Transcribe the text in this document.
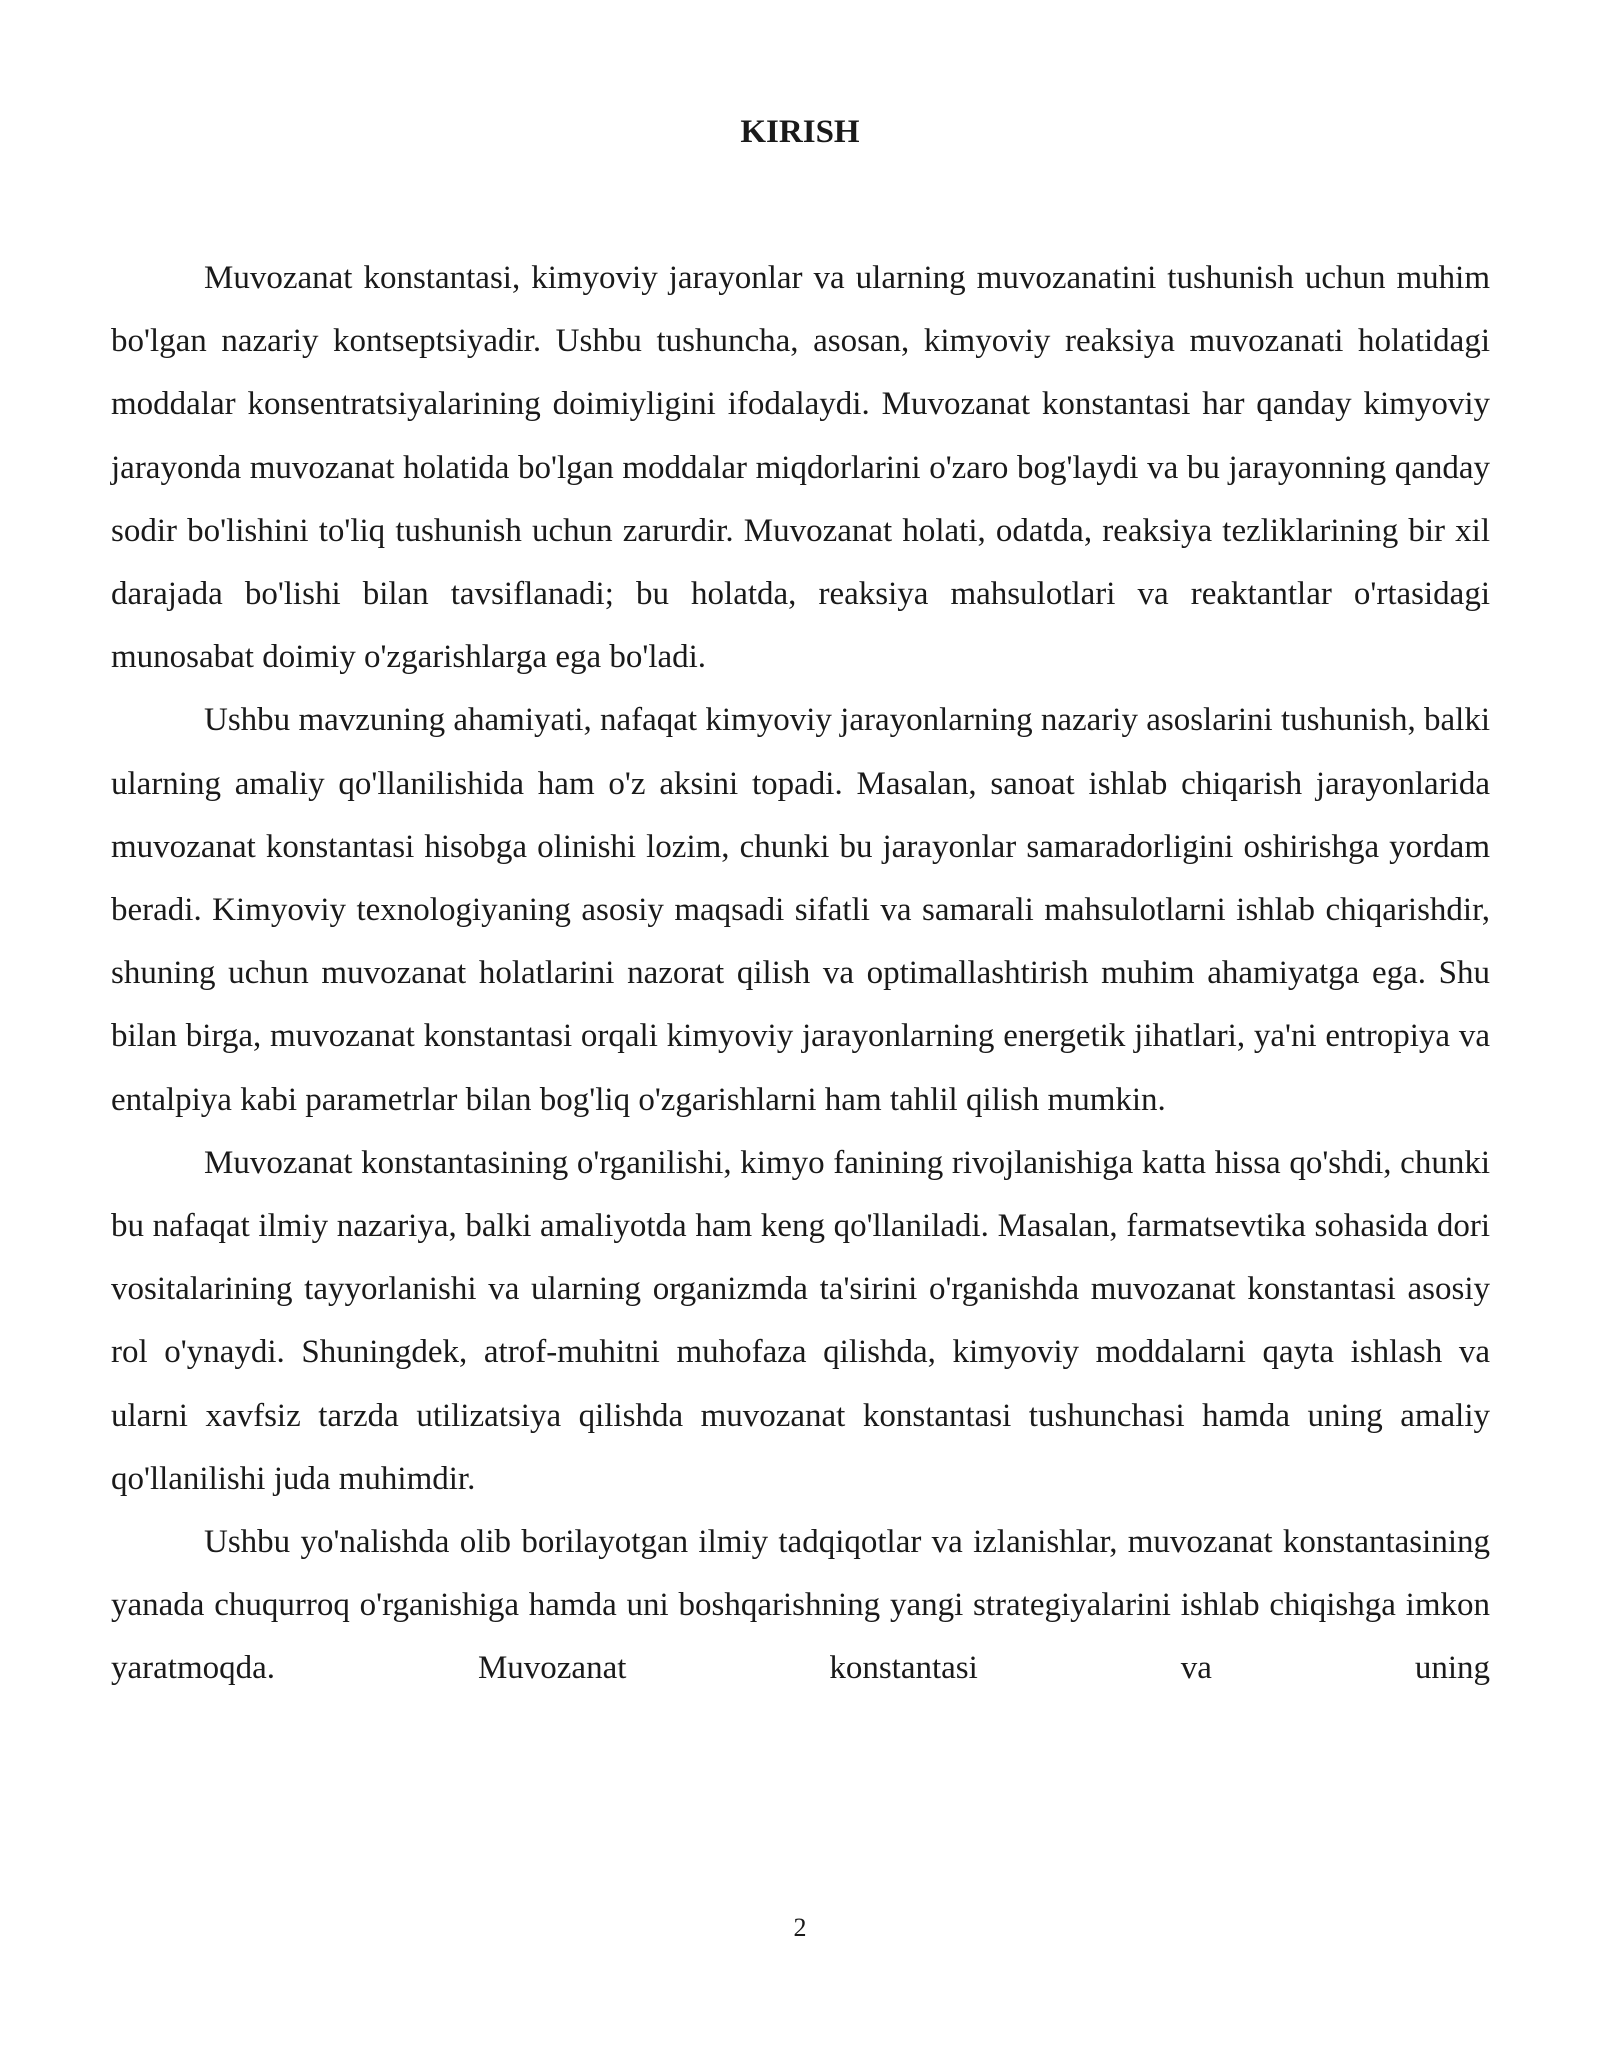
KIRISH

Muvozanat konstantasi, kimyoviy jarayonlar va ularning muvozanatini tushunish uchun muhim bo'lgan nazariy kontseptsiyadir. Ushbu tushuncha, asosan, kimyoviy reaksiya muvozanati holatidagi moddalar konsentratsiyalarining doimiyligini ifodalaydi. Muvozanat konstantasi har qanday kimyoviy jarayonda muvozanat holatida bo'lgan moddalar miqdorlarini o'zaro bog'laydi va bu jarayonning qanday sodir bo'lishini to'liq tushunish uchun zarurdir. Muvozanat holati, odatda, reaksiya tezliklarining bir xil darajada bo'lishi bilan tavsiflanadi; bu holatda, reaksiya mahsulotlari va reaktantlar o'rtasidagi munosabat doimiy o'zgarishlarga ega bo'ladi.

Ushbu mavzuning ahamiyati, nafaqat kimyoviy jarayonlarning nazariy asoslarini tushunish, balki ularning amaliy qo'llanilishida ham o'z aksini topadi. Masalan, sanoat ishlab chiqarish jarayonlarida muvozanat konstantasi hisobga olinishi lozim, chunki bu jarayonlar samaradorligini oshirishga yordam beradi. Kimyoviy texnologiyaning asosiy maqsadi sifatli va samarali mahsulotlarni ishlab chiqarishdir, shuning uchun muvozanat holatlarini nazorat qilish va optimallashtirish muhim ahamiyatga ega. Shu bilan birga, muvozanat konstantasi orqali kimyoviy jarayonlarning energetik jihatlari, ya'ni entropiya va entalpiya kabi parametrlar bilan bog'liq o'zgarishlarni ham tahlil qilish mumkin.

Muvozanat konstantasining o'rganilishi, kimyo fanining rivojlanishiga katta hissa qo'shdi, chunki bu nafaqat ilmiy nazariya, balki amaliyotda ham keng qo'llaniladi. Masalan, farmatsevtika sohasida dori vositalarining tayyorlanishi va ularning organizmda ta'sirini o'rganishda muvozanat konstantasi asosiy rol o'ynaydi. Shuningdek, atrof-muhitni muhofaza qilishda, kimyoviy moddalarni qayta ishlash va ularni xavfsiz tarzda utilizatsiya qilishda muvozanat konstantasi tushunchasi hamda uning amaliy qo'llanilishi juda muhimdir.

Ushbu yo'nalishda olib borilayotgan ilmiy tadqiqotlar va izlanishlar, muvozanat konstantasining yanada chuqurroq o'rganishiga hamda uni boshqarishning yangi strategiyalarini ishlab chiqishga imkon yaratmoqda. Muvozanat konstantasi va uning

2
